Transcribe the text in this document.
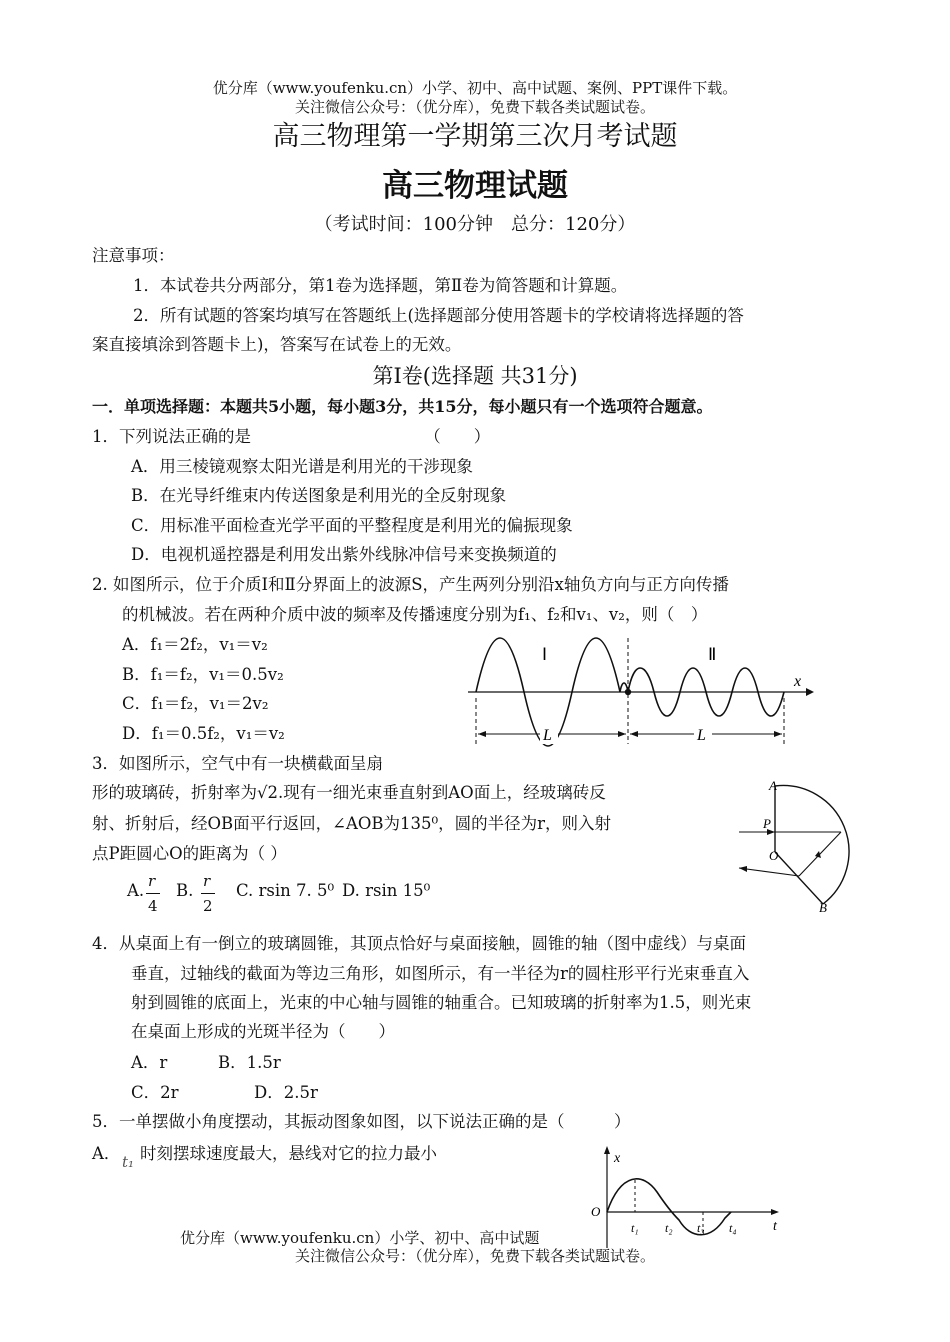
优分库（www.youfenku.cn）小学、初中、高中试题、案例、PPT课件下载。
关注微信公众号：（优分库），免费下载各类试题试卷。
高三物理第一学期第三次月考试题
高三物理试题
（考试时间：100分钟　总分：120分）
注意事项：
1．本试卷共分两部分，第1卷为选择题，第Ⅱ卷为简答题和计算题。
2．所有试题的答案均填写在答题纸上(选择题部分使用答题卡的学校请将选择题的答
案直接填涂到答题卡上)，答案写在试卷上的无效。
第Ⅰ卷(选择题 共31分)
一．单项选择题：本题共5小题，每小题3分，共15分，每小题只有一个选项符合题意。
1．下列说法正确的是　　　　　　　　　　　（　　）
A．用三棱镜观察太阳光谱是利用光的干涉现象
B．在光导纤维束内传送图象是利用光的全反射现象
C．用标准平面检查光学平面的平整程度是利用光的偏振现象
D．电视机遥控器是利用发出紫外线脉冲信号来变换频道的
2. 如图所示，位于介质Ⅰ和Ⅱ分界面上的波源S，产生两列分别沿x轴负方向与正方向传播
的机械波。若在两种介质中波的频率及传播速度分别为f₁、f₂和v₁、v₂，则（　）
A．f₁＝2f₂，v₁＝v₂
B．f₁＝f₂，v₁＝0.5v₂
C．f₁＝f₂，v₁＝2v₂
D．f₁＝0.5f₂，v₁＝v₂
x
Ⅰ	Ⅱ
L	L
3．如图所示，空气中有一块横截面呈扇
形的玻璃砖，折射率为√2.现有一细光束垂直射到AO面上，经玻璃砖反
射、折射后，经OB面平行返回，∠AOB为135⁰，圆的半径为r，则入射
点P距圆心O的距离为（ ）
A. r
4
B. r
2
C. rsin 7. 5⁰ D. rsin 15⁰
A
P
O
B
4．从桌面上有一倒立的玻璃圆锥，其顶点恰好与桌面接触，圆锥的轴（图中虚线）与桌面
垂直，过轴线的截面为等边三角形，如图所示，有一半径为r的圆柱形平行光束垂直入
射到圆锥的底面上，光束的中心轴与圆锥的轴重合。已知玻璃的折射率为1.5，则光束
在桌面上形成的光斑半径为（　　）
A．r	B．1.5r
C．2r	D．2.5r
5．一单摆做小角度摆动，其振动图象如图，以下说法正确的是（　　　）
A． t₁ 时刻摆球速度最大，悬线对它的拉力最小	x
O
t₁ t₂ t₃ t₄	t
优分库（www.youfenku.cn）小学、初中、高中试题
关注微信公众号：（优分库），免费下载各类试题试卷。
